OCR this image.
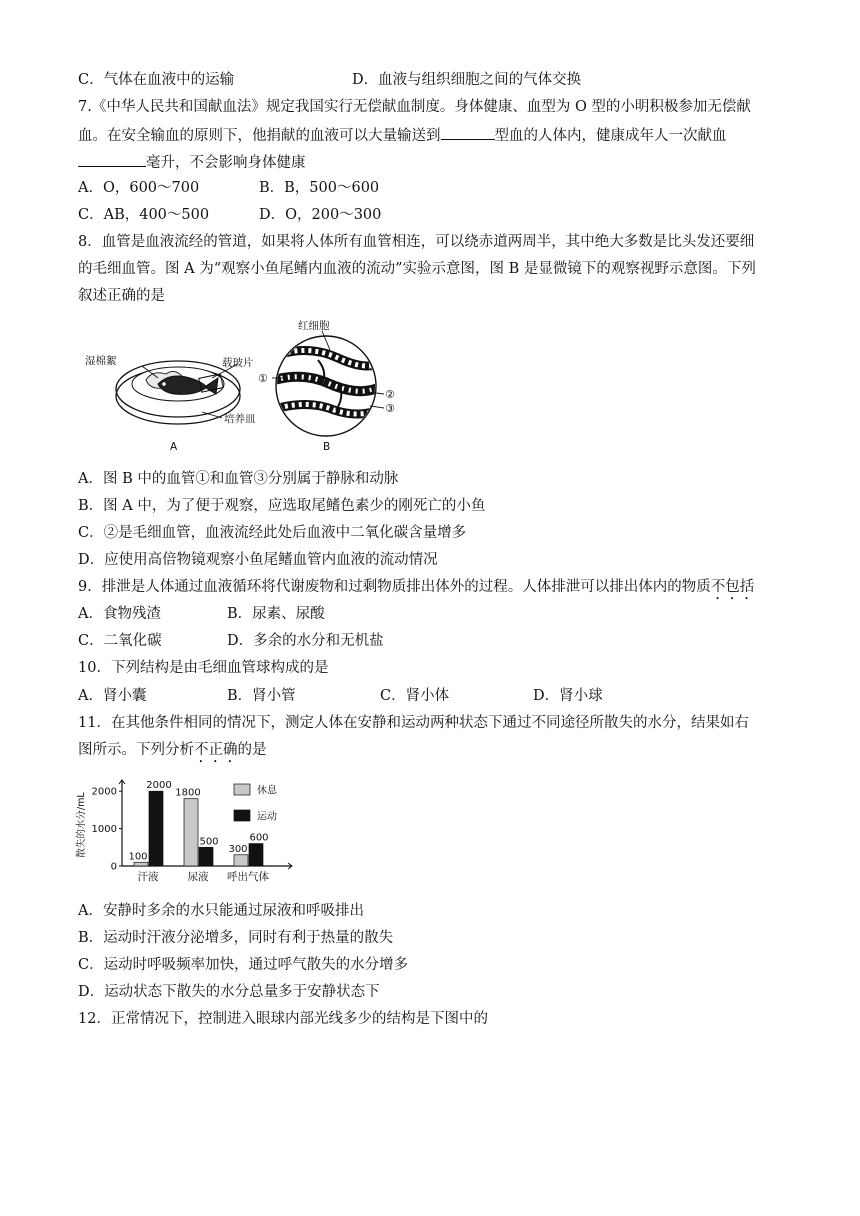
C．气体在血液中的运输	D．血液与组织细胞之间的气体交换
7.《中华人民共和国献血法》规定我国实行无偿献血制度。身体健康、血型为 O 型的小明积极参加无偿献
血。在安全输血的原则下，他捐献的血液可以大量输送到	型血的人体内，健康成年人一次献血
毫升，不会影响身体健康
A．O，600～700	B．B，500～600
C．AB，400～500	D．O，200～300
8．血管是血液流经的管道，如果将人体所有血管相连，可以绕赤道两周半，其中绝大多数是比头发还要细
的毛细血管。图 A 为“观察小鱼尾鳍内血液的流动”实验示意图，图 B 是显微镜下的观察视野示意图。下列
叙述正确的是
湿棉絮	载玻片
培养皿
A
红细胞
①
②
③
B
A．图 B 中的血管①和血管③分别属于静脉和动脉
B．图 A 中，为了便于观察，应选取尾鳍色素少的刚死亡的小鱼
C．②是毛细血管，血液流经此处后血液中二氧化碳含量增多
D．应使用高倍物镜观察小鱼尾鳍血管内血液的流动情况
9．排泄是人体通过血液循环将代谢废物和过剩物质排出体外的过程。人体排泄可以排出体内的物质不包括
A．食物残渣	B．尿素、尿酸
C．二氧化碳	D．多余的水分和无机盐
10．下列结构是由毛细血管球构成的是
A．肾小囊	B．肾小管	C．肾小体	D．肾小球
11．在其他条件相同的情况下，测定人体在安静和运动两种状态下通过不同途径所散失的水分，结果如右
图所示。下列分析不正确的是
0
1000
2000
散失的水分/mL	100
2000
汗液
1800
500
尿液
300
600
呼出气体
休息
运动
A．安静时多余的水只能通过尿液和呼吸排出
B．运动时汗液分泌增多，同时有利于热量的散失
C．运动时呼吸频率加快，通过呼气散失的水分增多
D．运动状态下散失的水分总量多于安静状态下
12．正常情况下，控制进入眼球内部光线多少的结构是下图中的
